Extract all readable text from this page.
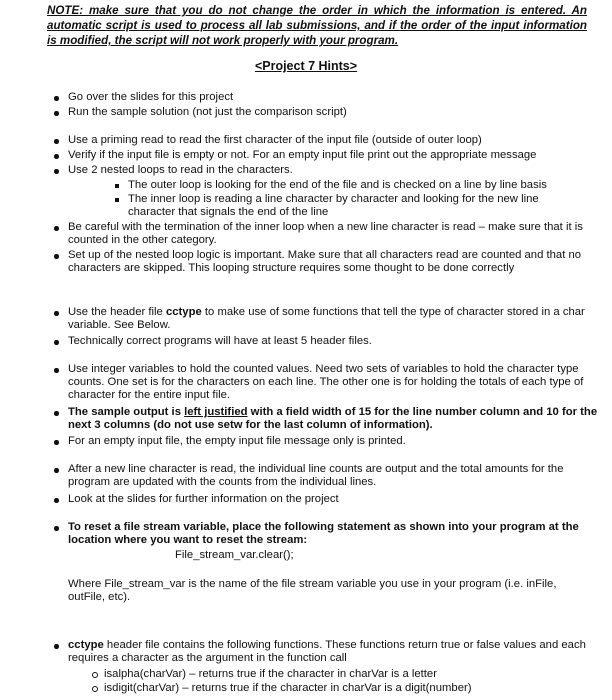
NOTE: make sure that you do not change the order in which the information is entered. An automatic script is used to process all lab submissions, and if the order of the input information is modified, the script will not work properly with your program.
<Project 7 Hints>
Go over the slides for this project
Run the sample solution (not just the comparison script)
Use a priming read to read the first character of the input file (outside of outer loop)
Verify if the input file is empty or not. For an empty input file print out the appropriate message
Use 2 nested loops to read in the characters.
The outer loop is looking for the end of the file and is checked on a line by line basis
The inner loop is reading a line character by character and looking for the new line character that signals the end of the line
Be careful with the termination of the inner loop when a new line character is read – make sure that it is counted in the other category.
Set up of the nested loop logic is important. Make sure that all characters read are counted and that no characters are skipped. This looping structure requires some thought to be done correctly
Use the header file cctype to make use of some functions that tell the type of character stored in a char variable. See Below.
Technically correct programs will have at least 5 header files.
Use integer variables to hold the counted values. Need two sets of variables to hold the character type counts. One set is for the characters on each line. The other one is for holding the totals of each type of character for the entire input file.
The sample output is left justified with a field width of 15 for the line number column and 10 for the next 3 columns (do not use setw for the last column of information).
For an empty input file, the empty input file message only is printed.
After a new line character is read, the individual line counts are output and the total amounts for the program are updated with the counts from the individual lines.
Look at the slides for further information on the project
To reset a file stream variable, place the following statement as shown into your program at the location where you want to reset the stream:
File_stream_var.clear();
Where File_stream_var is the name of the file stream variable you use in your program (i.e. inFile, outFile, etc).
cctype header file contains the following functions. These functions return true or false values and each requires a character as the argument in the function call
isalpha(charVar) – returns true if the character in charVar is a letter
isdigit(charVar) – returns true if the character in charVar is a digit(number)
